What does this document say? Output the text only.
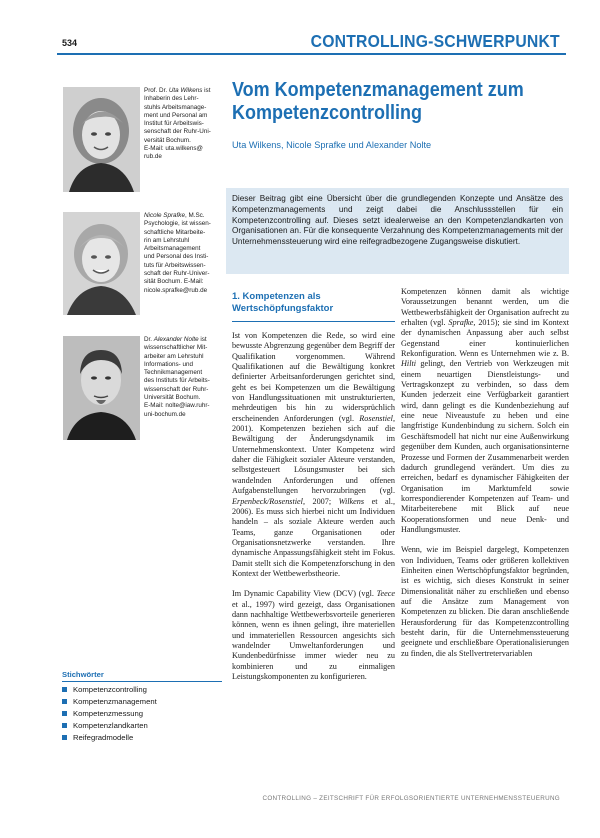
534	CONTROLLING-SCHWERPUNKT
Prof. Dr. Uta Wilkens ist
Inhaberin des Lehr-
stuhls Arbeitsmanage-
ment und Personal am
Institut für Arbeitswis-
senschaft der Ruhr-Uni-
versität Bochum.
E-Mail: uta.wilkens@
rub.de
Nicole Sprafke, M.Sc.
Psychologie, ist wissen-
schaftliche Mitarbeite-
rin am Lehrstuhl
Arbeitsmanagement
und Personal des Insti-
tuts für Arbeitswissen-
schaft der Ruhr-Univer-
sität Bochum. E-Mail:
nicole.sprafke@rub.de
Dr. Alexander Nolte ist
wissenschaftlicher Mit-
arbeiter am Lehrstuhl
Informations- und
Technikmanagement
des Instituts für Arbeits-
wissenschaft der Ruhr-
Universität Bochum.
E-Mail: nolte@iaw.ruhr-
uni-bochum.de
Vom Kompetenzmanagement zum Kompetenzcontrolling
Uta Wilkens, Nicole Sprafke und Alexander Nolte
Dieser Beitrag gibt eine Übersicht über die grundlegenden Konzepte und Ansätze des Kompetenzmanagements und zeigt dabei die Anschlussstellen für ein Kompetenzcontrolling auf. Dieses setzt idealerweise an den Kompetenzlandkarten von Organisationen an. Für die konsequente Verzahnung des Kompetenzmanagements mit der Unternehmenssteuerung wird eine reifegradbezogene Zugangsweise diskutiert.
1. Kompetenzen als Wertschöpfungsfaktor

Ist von Kompetenzen die Rede, so wird eine bewusste Abgrenzung gegenüber dem Begriff der Qualifikation vorgenommen. Während Qualifikationen auf die Bewältigung konkret definierter Arbeitsanforderungen gerichtet sind, geht es bei Kompetenzen um die Bewältigung von Handlungssituationen mit unstrukturierten, mehrdeutigen bis hin zu widersprüchlich erscheinenden Anforderungen (vgl. Rosenstiel, 2001). Kompetenzen beziehen sich auf die Bewältigung der Änderungsdynamik im Unternehmenskontext. Unter Kompetenz wird daher die Fähigkeit sozialer Akteure verstanden, selbstgesteuert Lösungsmuster bei sich wandelnden Anforderungen und offenen Aufgabenstellungen hervorzubringen (vgl. Erpenbeck/Rosenstiel, 2007; Wilkens et al., 2006). Es muss sich hierbei nicht um Individuen handeln – als soziale Akteure werden auch Teams, ganze Organisationen oder Organisationsnetzwerke verstanden. Ihre dynamische Anpassungsfähigkeit steht im Fokus. Damit stellt sich die Kompetenzforschung in den Kontext der Wettbewerbstheorie.

Im Dynamic Capability View (DCV) (vgl. Teece et al., 1997) wird gezeigt, dass Organisationen dann nachhaltige Wettbewerbsvorteile generieren können, wenn es ihnen gelingt, ihre materiellen und immateriellen Ressourcen angesichts sich wandelnder Umweltanforderungen und Kundenbedürfnisse immer wieder neu zu kombinieren und zu einmaligen Leistungskomponenten zu konfigurieren.

Kompetenzen können damit als wichtige Voraussetzungen benannt werden, um die Wettbewerbsfähigkeit der Organisation aufrecht zu erhalten (vgl. Sprafke, 2015); sie sind im Kontext der dynamischen Anpassung aber auch selbst Gegenstand einer kontinuierlichen Rekonfiguration. Wenn es Unternehmen wie z. B. Hilti gelingt, den Vertrieb von Werkzeugen mit einem neuartigen Dienstleistungs- und Vertragskonzept zu verbinden, so dass dem Kunden jederzeit eine Verfügbarkeit garantiert wird, dann gelingt es die Kundenbeziehung auf eine neue Niveaustufe zu heben und eine langfristige Kundenbindung zu sichern. Solch ein Geschäftsmodell hat nicht nur eine Außenwirkung gegenüber dem Kunden, auch organisationsinterne Prozesse und Formen der Zusammenarbeit werden dadurch grundlegend verändert. Um dies zu erreichen, bedarf es dynamischer Fähigkeiten der Organisation im Marktumfeld sowie korrespondierender Kompetenzen auf Team- und Mitarbeiterebene mit Blick auf neue Kooperationsformen und neue Denk- und Handlungsmuster.

Wenn, wie im Beispiel dargelegt, Kompetenzen von Individuen, Teams oder größeren kollektiven Einheiten einen Wertschöpfungsfaktor begründen, ist es wichtig, sich dieses Konstrukt in seiner Dimensionalität näher zu erschließen und ebenso auf die Ansätze zum Management von Kompetenzen zu blicken. Die daran anschließende Herausforderung für das Kompetenzcontrolling besteht darin, für die Unternehmenssteuerung geeignete und erschließbare Operationalisierungen zu finden, die als Stellvertretervariablen

Stichwörter
Kompetenzcontrolling
Kompetenzmanagement
Kompetenzmessung
Kompetenzlandkarten
Reifegradmodelle
CONTROLLING – ZEITSCHRIFT FÜR ERFOLGSORIENTIERTE UNTERNEHMENSSTEUERUNG
